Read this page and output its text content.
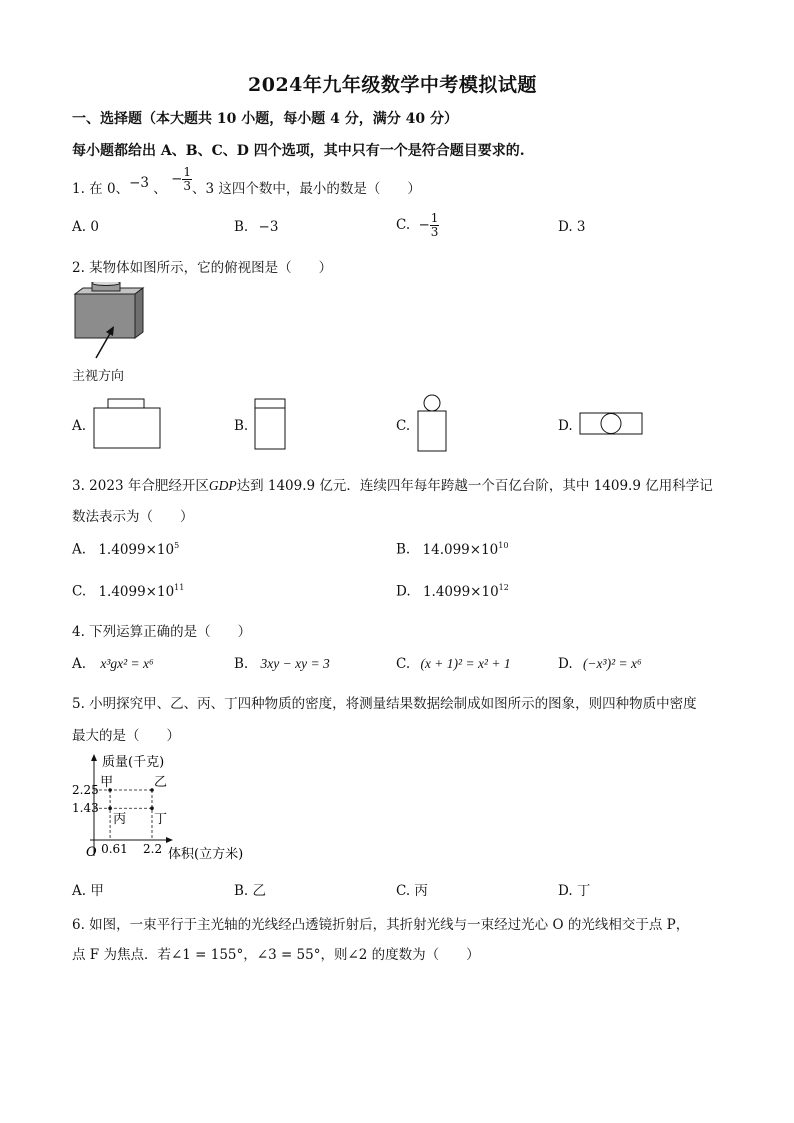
2024年九年级数学中考模拟试题
一、选择题（本大题共 10 小题，每小题 4 分，满分 40 分）
每小题都给出 A、B、C、D 四个选项，其中只有一个是符合题目要求的.
1. 在 0、−3 、 − $\frac{1}{3}$ 、3 这四个数中，最小的数是（　　）
A. 0	B. −3	C. − $\frac{1}{3}$	D. 3
2. 某物体如图所示，它的俯视图是（　　）
主视方向
A.	B.	C.	D.
3. 2023 年合肥经开区GDP达到 1409.9 亿元．连续四年每年跨越一个百亿台阶，其中 1409.9 亿用科学记
数法表示为（　　）
A. $1.4099\times 10^5$	B. $14.099\times 10^{10}$
C. $1.4099\times 10^{11}$	D. $1.4099\times 10^{12}$
4. 下列运算正确的是（　　）
A. x³gx² = x⁶	B. 3xy − xy = 3	C. (x + 1)² = x² + 1	D. (−x³)² = x⁶
5. 小明探究甲、乙、丙、丁四种物质的密度，将测量结果数据绘制成如图所示的图象，则四种物质中密度
最大的是（　　）
质量(千克)
体积(立方米)
O
甲	乙
丙 丁
2.25
1.43
0.61 2.2
A. 甲	B. 乙	C. 丙	D. 丁
6. 如图，一束平行于主光轴的光线经凸透镜折射后，其折射光线与一束经过光心 O 的光线相交于点 P，
点 F 为焦点．若∠1 = 155°，∠3 = 55°，则∠2 的度数为（　　）
